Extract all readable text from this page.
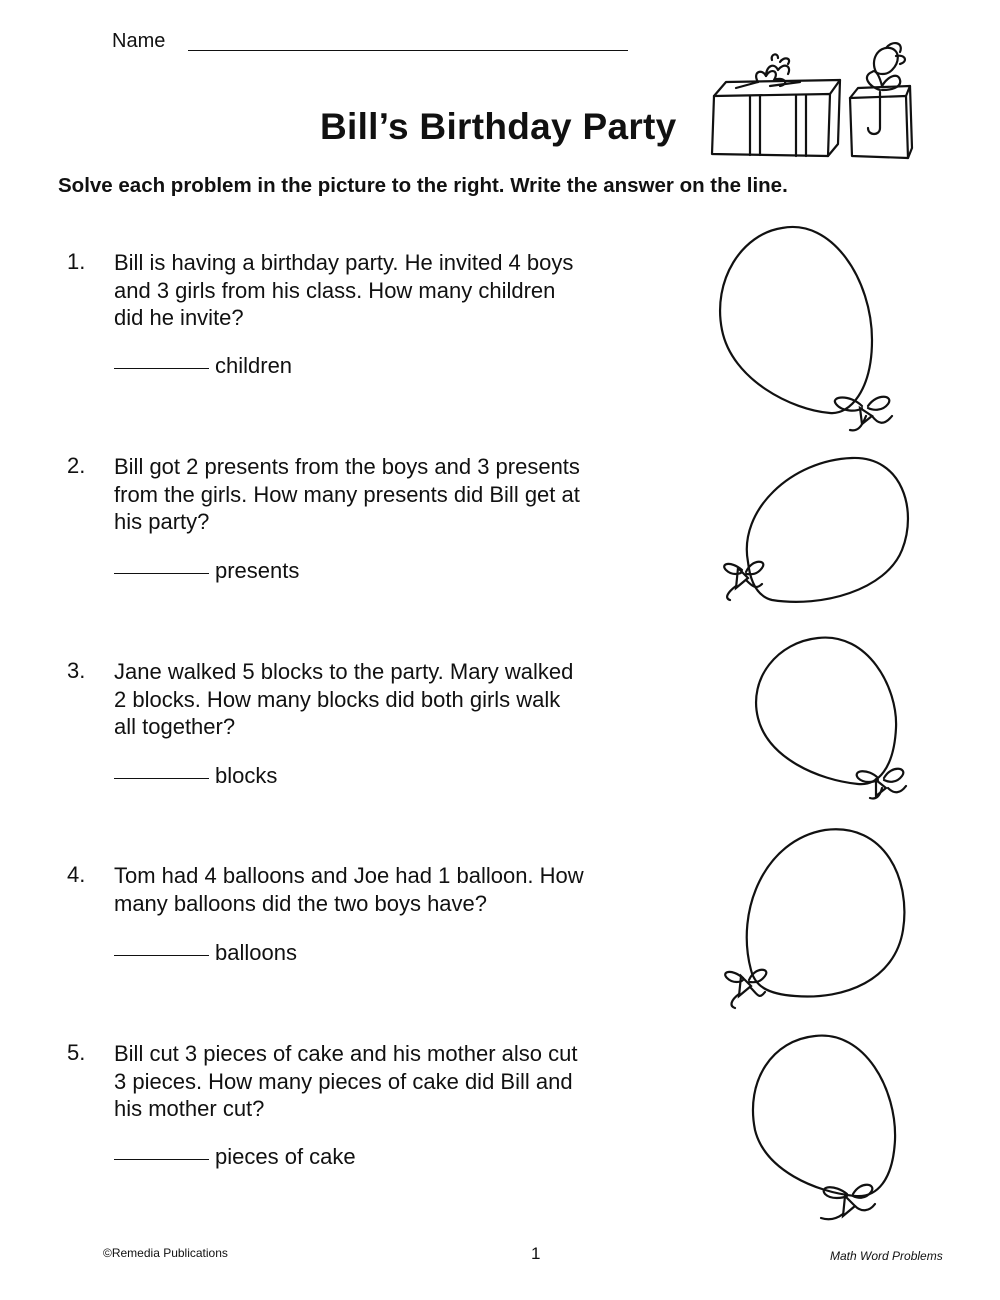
Name
Bill’s Birthday Party
Solve each problem in the picture to the right. Write the answer on the line.
1. Bill is having a birthday party. He invited 4 boys
and 3 girls from his class. How many children
did he invite?
children
2. Bill got 2 presents from the boys and 3 presents
from the girls. How many presents did Bill get at
his party?
presents
3. Jane walked 5 blocks to the party. Mary walked
2 blocks. How many blocks did both girls walk
all together?
blocks
4. Tom had 4 balloons and Joe had 1 balloon. How
many balloons did the two boys have?
balloons
5. Bill cut 3 pieces of cake and his mother also cut
3 pieces. How many pieces of cake did Bill and
his mother cut?
pieces of cake
©Remedia Publications	1	Math Word Problems
